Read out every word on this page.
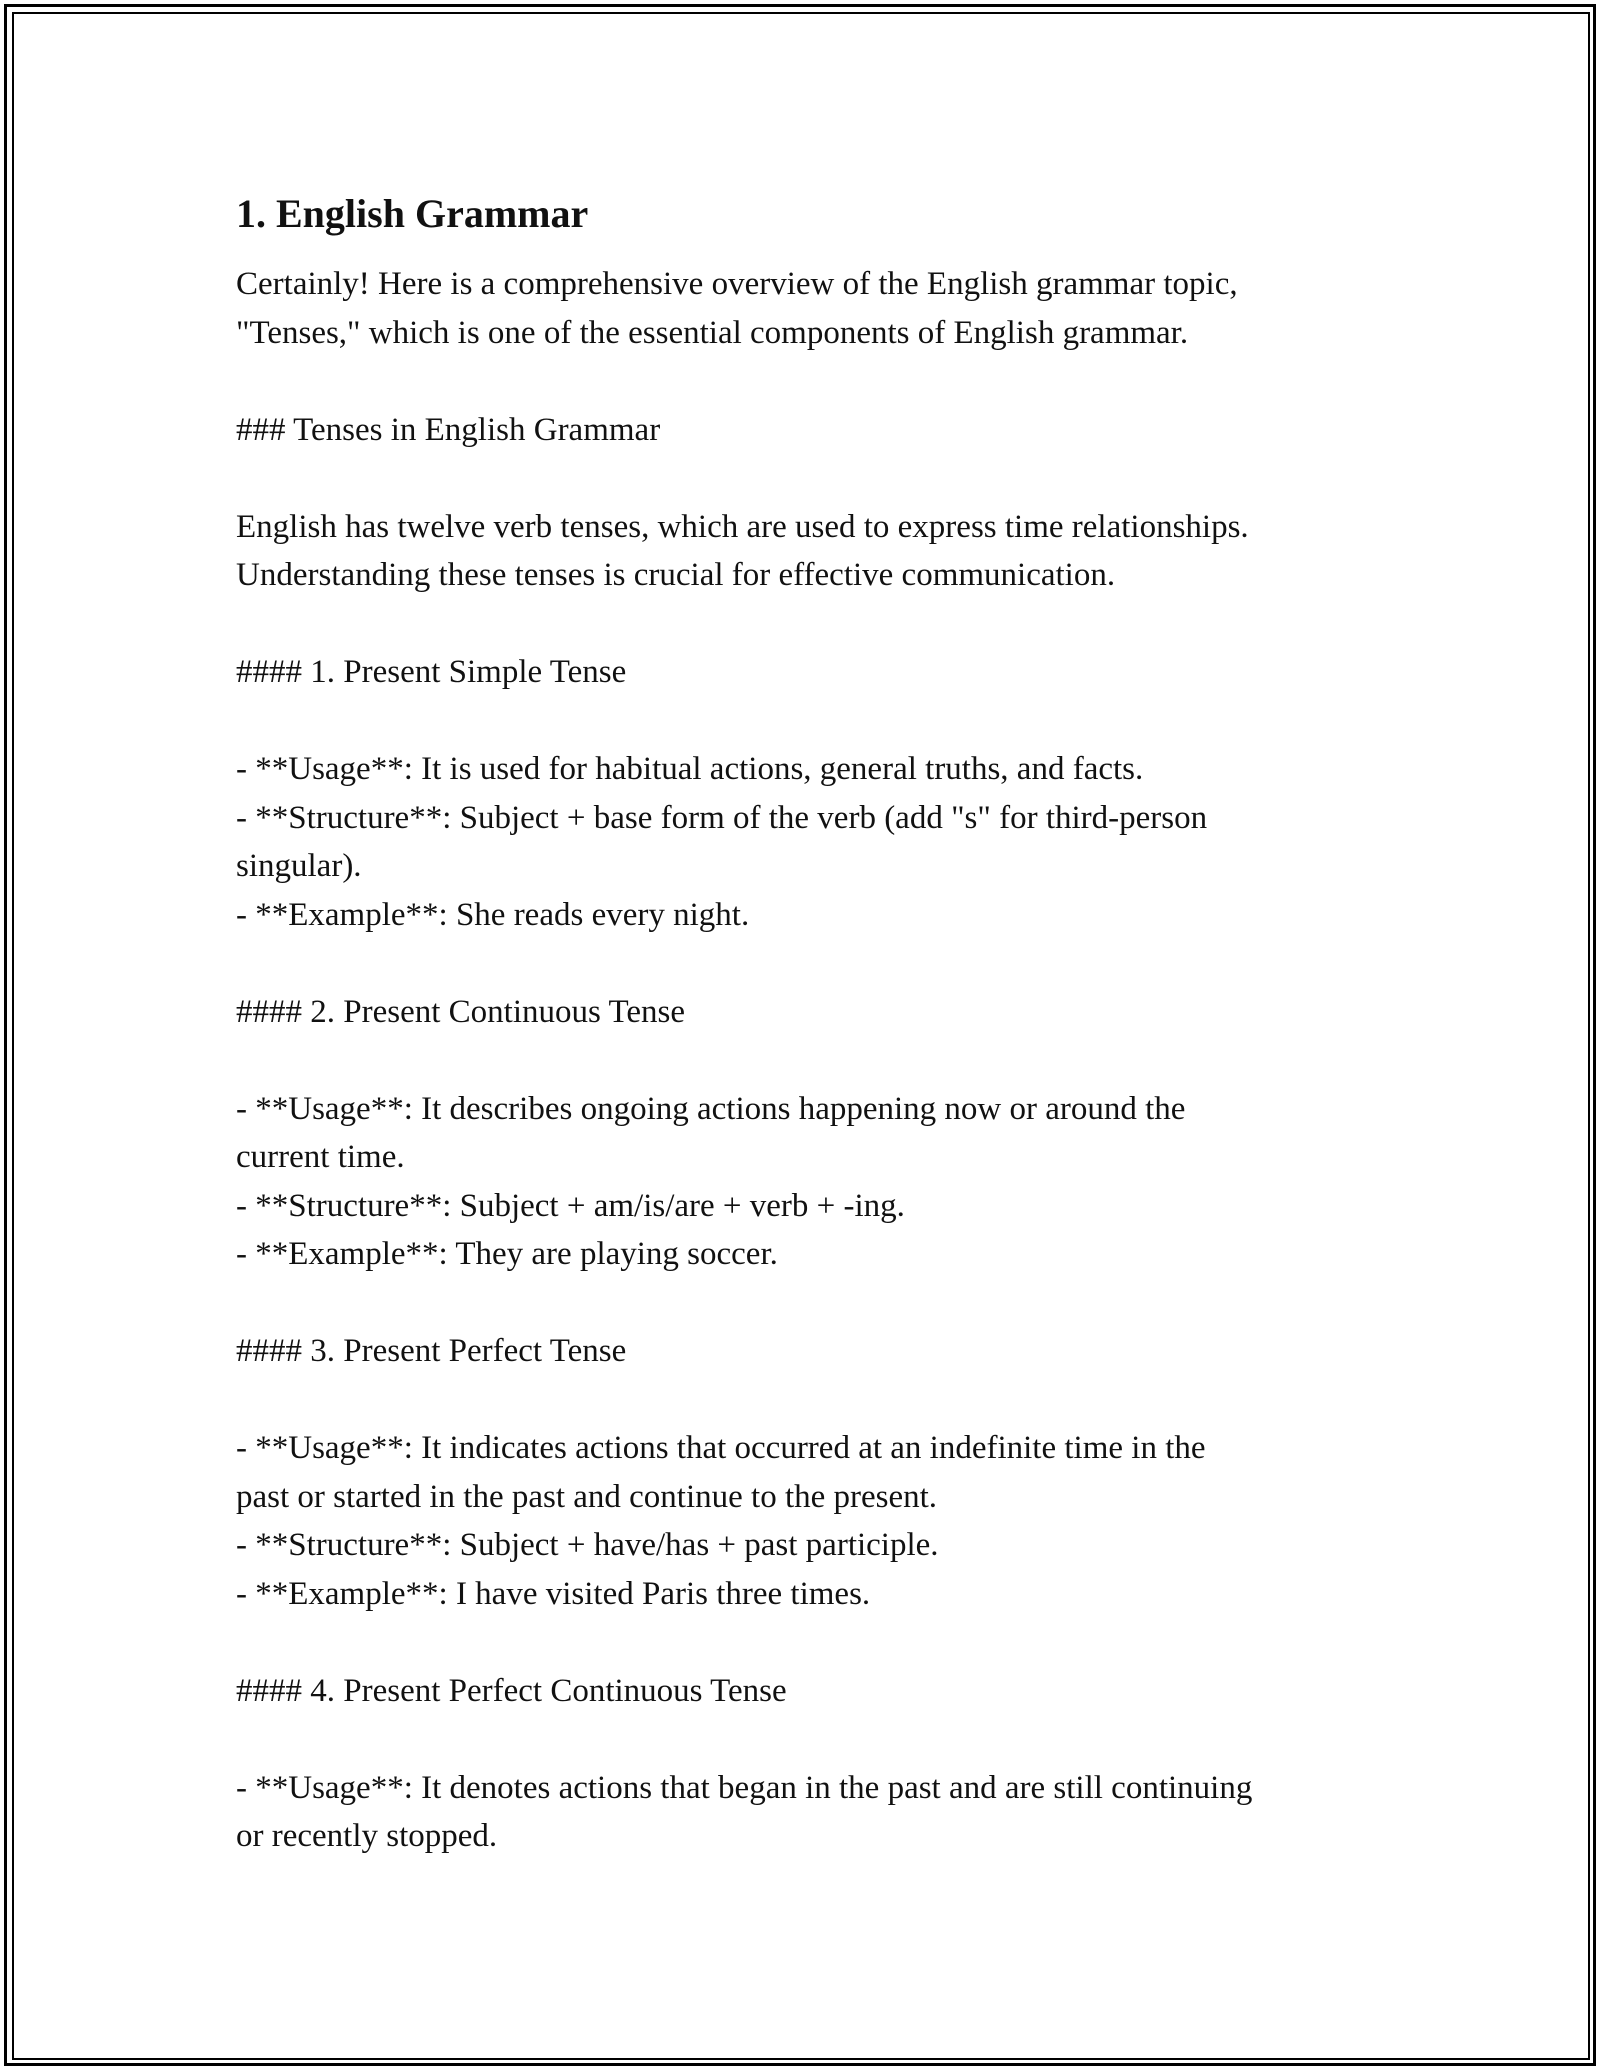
1. English Grammar
Certainly! Here is a comprehensive overview of the English grammar topic,
"Tenses," which is one of the essential components of English grammar.
### Tenses in English Grammar
English has twelve verb tenses, which are used to express time relationships.
Understanding these tenses is crucial for effective communication.
#### 1. Present Simple Tense
- **Usage**: It is used for habitual actions, general truths, and facts.
- **Structure**: Subject + base form of the verb (add "s" for third-person
singular).
- **Example**: She reads every night.
#### 2. Present Continuous Tense
- **Usage**: It describes ongoing actions happening now or around the
current time.
- **Structure**: Subject + am/is/are + verb + -ing.
- **Example**: They are playing soccer.
#### 3. Present Perfect Tense
- **Usage**: It indicates actions that occurred at an indefinite time in the
past or started in the past and continue to the present.
- **Structure**: Subject + have/has + past participle.
- **Example**: I have visited Paris three times.
#### 4. Present Perfect Continuous Tense
- **Usage**: It denotes actions that began in the past and are still continuing
or recently stopped.
